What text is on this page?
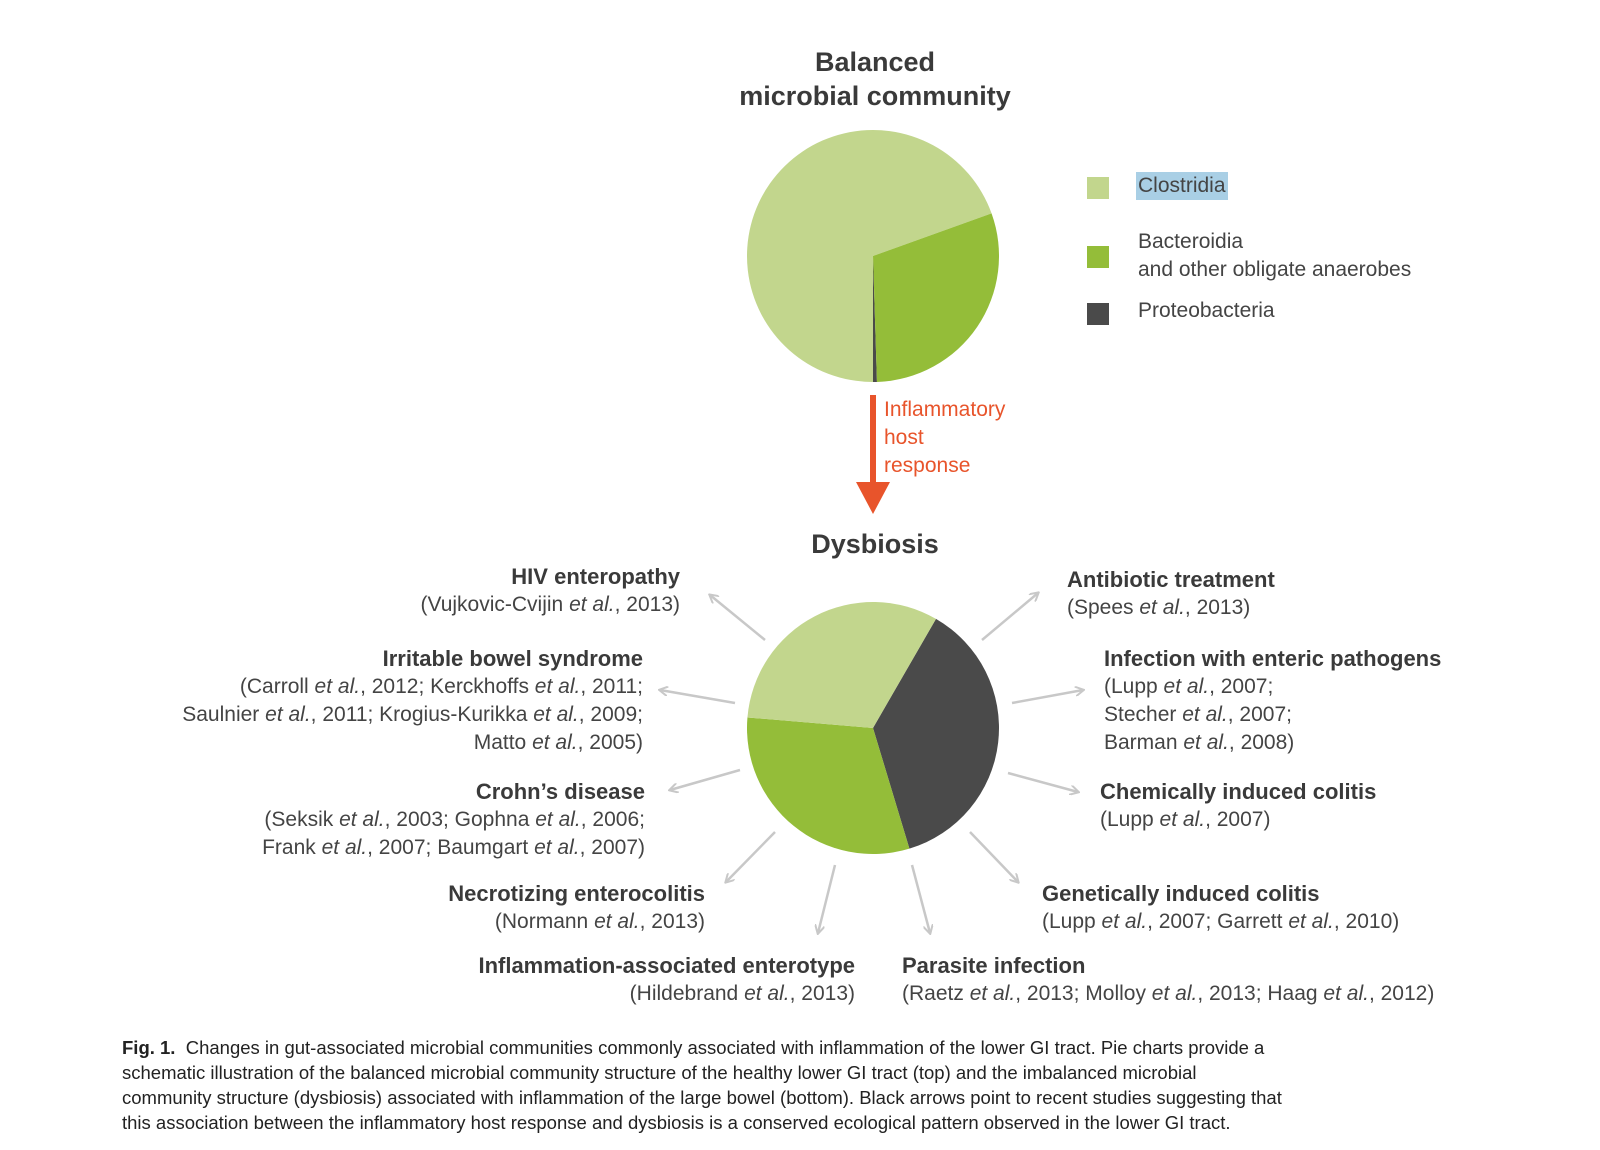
Balanced
microbial community
Clostridia
Bacteroidia
and other obligate anaerobes
Proteobacteria
Inflammatory
host
response
Dysbiosis
HIV enteropathy
(Vujkovic-Cvijin et al., 2013)
Irritable bowel syndrome
(Carroll et al., 2012; Kerckhoffs et al., 2011;
Saulnier et al., 2011; Krogius-Kurikka et al., 2009;
Matto et al., 2005)
Crohn’s disease
(Seksik et al., 2003; Gophna et al., 2006;
Frank et al., 2007; Baumgart et al., 2007)
Necrotizing enterocolitis
(Normann et al., 2013)
Inflammation-associated enterotype
(Hildebrand et al., 2013)
Antibiotic treatment
(Spees et al., 2013)
Infection with enteric pathogens
(Lupp et al., 2007;
Stecher et al., 2007;
Barman et al., 2008)
Chemically induced colitis
(Lupp et al., 2007)
Genetically induced colitis
(Lupp et al., 2007; Garrett et al., 2010)
Parasite infection
(Raetz et al., 2013; Molloy et al., 2013; Haag et al., 2012)
Fig. 1. Changes in gut-associated microbial communities commonly associated with inflammation of the lower GI tract. Pie charts provide a
schematic illustration of the balanced microbial community structure of the healthy lower GI tract (top) and the imbalanced microbial
community structure (dysbiosis) associated with inflammation of the large bowel (bottom). Black arrows point to recent studies suggesting that
this association between the inflammatory host response and dysbiosis is a conserved ecological pattern observed in the lower GI tract.
